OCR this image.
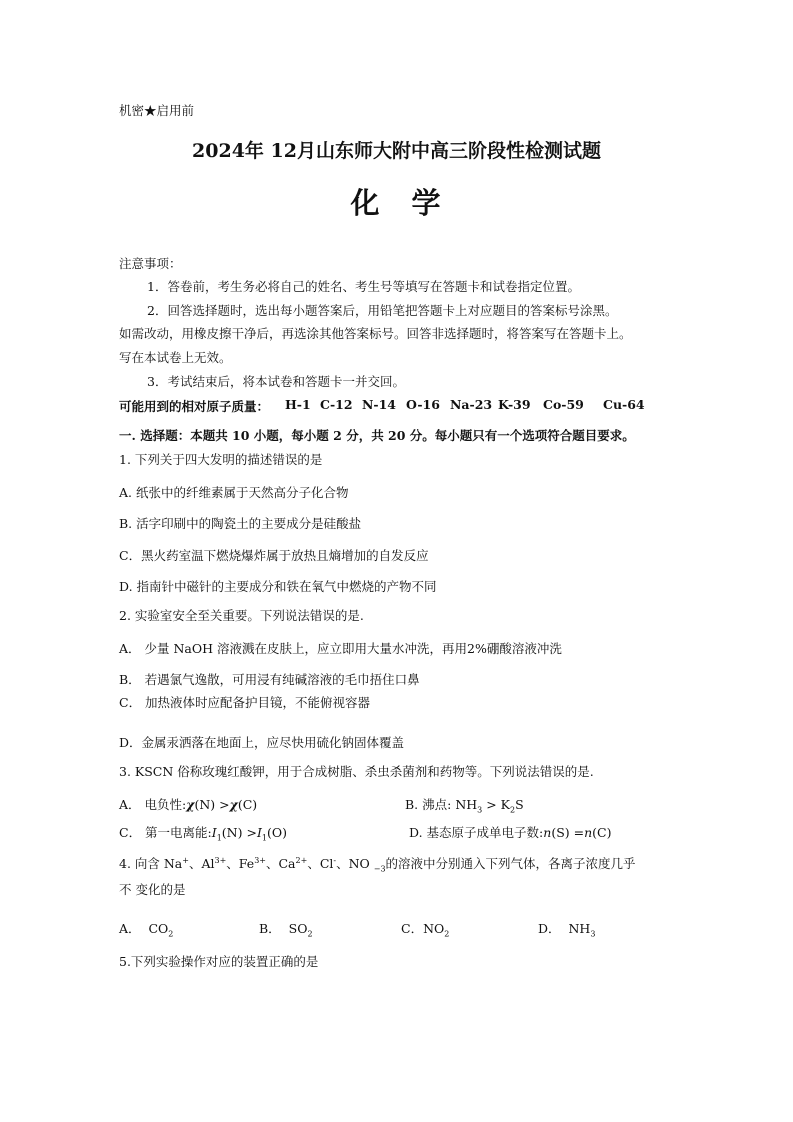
机密★启用前
2024年 12月山东师大附中高三阶段性检测试题
化 学
注意事项：
1．答卷前，考生务必将自己的姓名、考生号等填写在答题卡和试卷指定位置。
2．回答选择题时，选出每小题答案后，用铅笔把答题卡上对应题目的答案标号涂黑。
如需改动，用橡皮擦干净后，再选涂其他答案标号。回答非选择题时，将答案写在答题卡上。
写在本试卷上无效。
3．考试结束后，将本试卷和答题卡一并交回。
可能用到的相对原子质量：	H-1 C-12 N-14 O-16 Na-23 K-39 Co-59 Cu-64
一. 选择题：本题共 10 小题，每小题 2 分，共 20 分。每小题只有一个选项符合题目要求。
1. 下列关于四大发明的描述错误的是
A. 纸张中的纤维素属于天然高分子化合物
B. 活字印刷中的陶瓷土的主要成分是硅酸盐
C．黑火药室温下燃烧爆炸属于放热且熵增加的自发反应
D. 指南针中磁针的主要成分和铁在氧气中燃烧的产物不同
2. 实验室安全至关重要。下列说法错误的是.
A． 少量 NaOH 溶液溅在皮肤上，应立即用大量水冲洗，再用2%硼酸溶液冲洗
B． 若遇氯气逸散，可用浸有纯碱溶液的毛巾捂住口鼻
C． 加热液体时应配备护目镜，不能俯视容器
D．金属汞洒落在地面上，应尽快用硫化钠固体覆盖
3. KSCN 俗称玫瑰红酸钾，用于合成树脂、杀虫杀菌剂和药物等。下列说法错误的是.
A． 电负性:χ(N) >χ(C)	B. 沸点: $NH_3 > K_2S$
C． 第一电离能$:I_1(N) >I_1(O)$	D. 基态原子成单电子数:n(S) =n(C)
4. 向含 Na+、$Al^{3+}$、$Fe^{3+}$、$Ca^{2+}$、Cl-、NO $_{-3}$的溶液中分别通入下列气体，各离子浓度几乎
不 变化的是
A． $CO_2$	B． $SO_2$	C．$NO_2$	D． $NH_3$
5.下列实验操作对应的装置正确的是
